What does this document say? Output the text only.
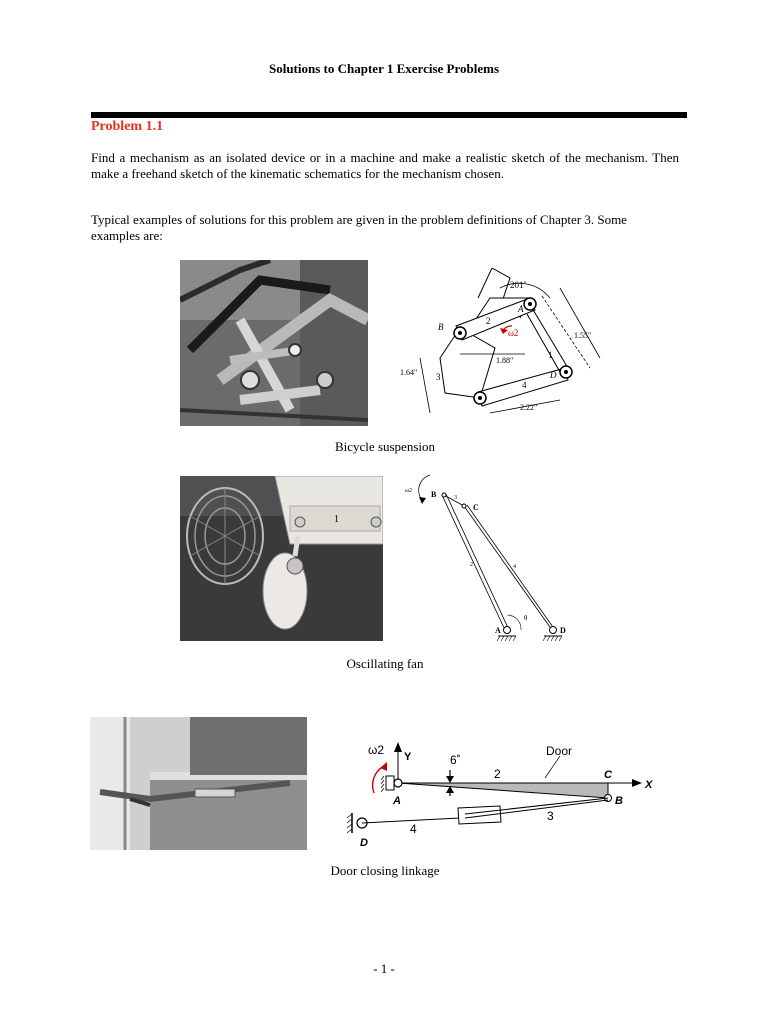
Solutions to Chapter 1 Exercise Problems
Problem 1.1
Find a mechanism as an isolated device or in a machine and make a realistic sketch of the mechanism. Then make a freehand sketch of the kinematic schematics for the mechanism chosen.
Typical examples of solutions for this problem are given in the problem definitions of Chapter 3. Some examples are:
201˚
A
B
D
2
1
3
4
ω2	1.55"
1.88"
1.64"
2.22"
Bicycle suspension
1
ω2 B	3
C
2	4
θ
A	D
Oscillating fan
ω2 Y
X
6˚
Door
A	B
C
D
2
3
4
Door closing linkage
- 1 -
